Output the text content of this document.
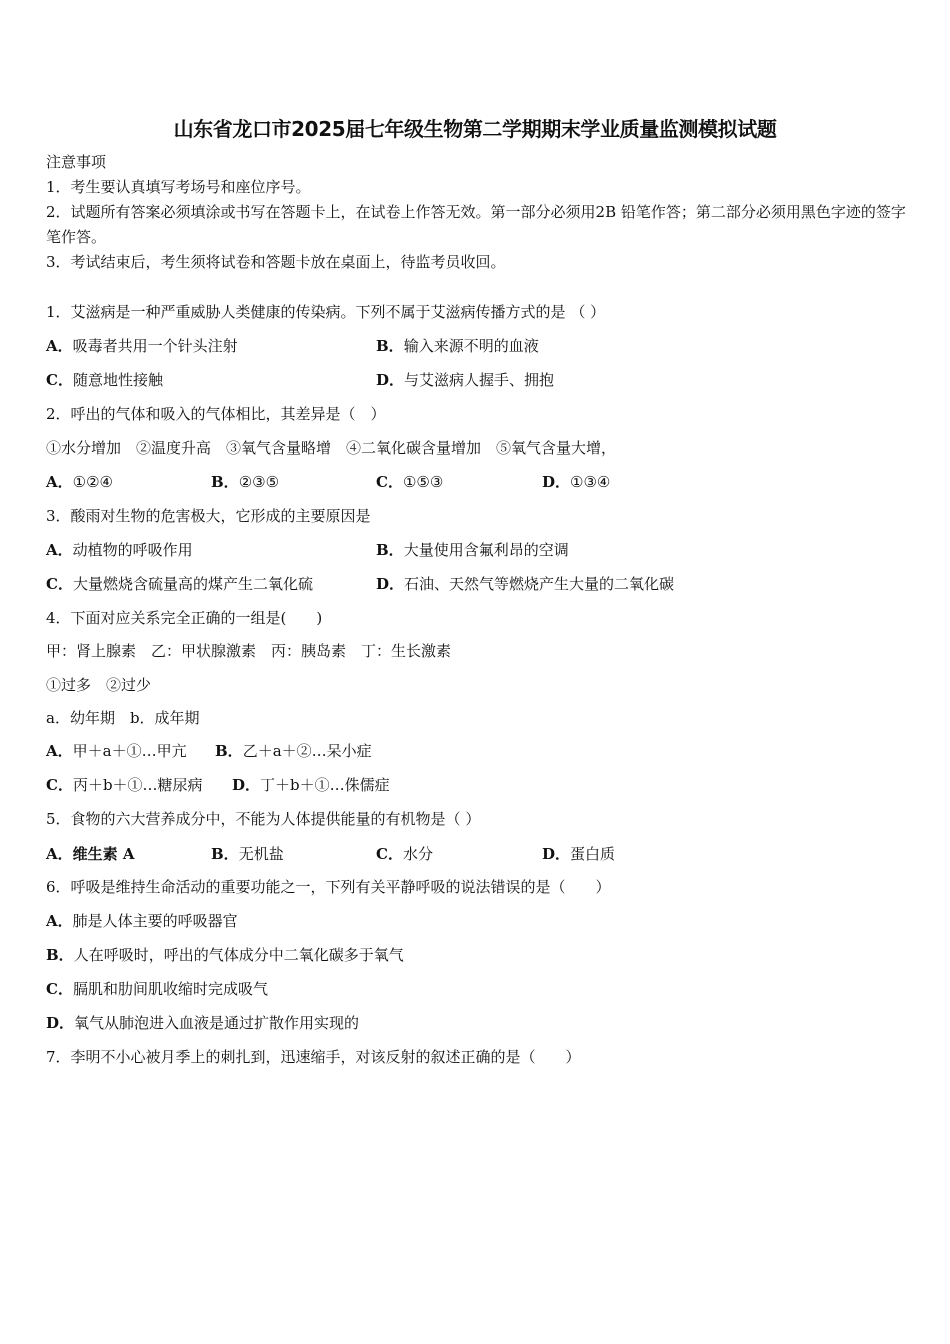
山东省龙口市2025届七年级生物第二学期期末学业质量监测模拟试题
注意事项
1．考生要认真填写考场号和座位序号。
2．试题所有答案必须填涂或书写在答题卡上，在试卷上作答无效。第一部分必须用2B 铅笔作答；第二部分必须用黑色字迹的签字笔作答。
3．考试结束后，考生须将试卷和答题卡放在桌面上，待监考员收回。
1．艾滋病是一种严重威胁人类健康的传染病。下列不属于艾滋病传播方式的是 （ ）
A．吸毒者共用一个针头注射	B．输入来源不明的血液
C．随意地性接触	D．与艾滋病人握手、拥抱
2．呼出的气体和吸入的气体相比，其差异是（　）
①水分增加　②温度升高　③氧气含量略增　④二氧化碳含量增加　⑤氧气含量大增，
A．①②④	B．②③⑤	C．①⑤③	D．①③④
3．酸雨对生物的危害极大，它形成的主要原因是
A．动植物的呼吸作用	B．大量使用含氟利昂的空调
C．大量燃烧含硫量高的煤产生二氧化硫	D．石油、天然气等燃烧产生大量的二氧化碳
4．下面对应关系完全正确的一组是(　　)
甲：肾上腺素　乙：甲状腺激素　丙：胰岛素　丁：生长激素
①过多　②过少
a．幼年期　b．成年期
A．甲＋a＋①…甲亢 B．乙＋a＋②…呆小症
C．丙＋b＋①…糖尿病 D．丁＋b＋①…侏儒症
5．食物的六大营养成分中，不能为人体提供能量的有机物是（ ）
A．维生素 A	B．无机盐	C．水分	D．蛋白质
6．呼吸是维持生命活动的重要功能之一，下列有关平静呼吸的说法错误的是（　　）
A．肺是人体主要的呼吸器官
B．人在呼吸时，呼出的气体成分中二氧化碳多于氧气
C．膈肌和肋间肌收缩时完成吸气
D．氧气从肺泡进入血液是通过扩散作用实现的
7．李明不小心被月季上的刺扎到，迅速缩手，对该反射的叙述正确的是（　　）
